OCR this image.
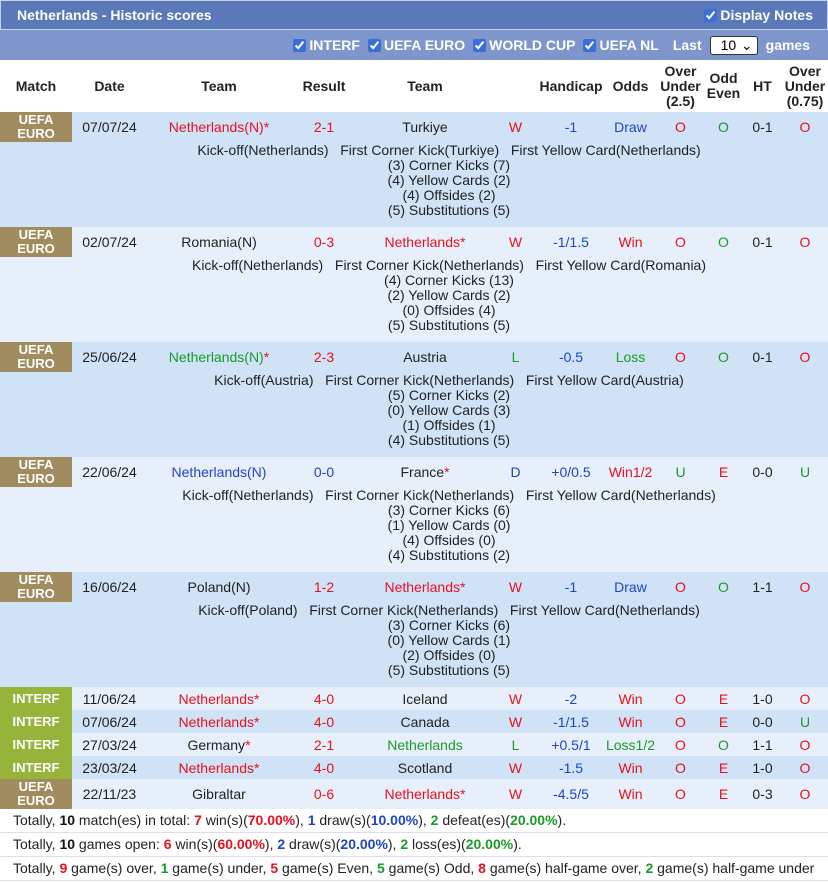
Netherlands - Historic scores	Display Notes
INTERF UEFA EURO WORLD CUP UEFA NL Last 10 ⌄ games
Match	Date	Team	Result	Team		Handicap	Odds	Over Under (2.5)	Odd Even	HT	Over Under (0.75)
UEFA EURO	07/07/24	Netherlands(N)*	2-1	Turkiye	W	-1	Draw	O	O	0-1	O

Kick-off(Netherlands)   First Corner Kick(Turkiye)   First Yellow Card(Netherlands)
(3) Corner Kicks (7)
(4) Yellow Cards (2)
(4) Offsides (2)
(5) Substitutions (5)											

UEFA EURO	02/07/24	Romania(N)	0-3	Netherlands*	W	-1/1.5	Win	O	O	0-1	O

Kick-off(Netherlands)   First Corner Kick(Netherlands)   First Yellow Card(Romania)
(4) Corner Kicks (13)
(2) Yellow Cards (2)
(0) Offsides (4)
(5) Substitutions (5)											

UEFA EURO	25/06/24	Netherlands(N)*	2-3	Austria	L	-0.5	Loss	O	O	0-1	O

Kick-off(Austria)   First Corner Kick(Netherlands)   First Yellow Card(Austria)
(5) Corner Kicks (2)
(0) Yellow Cards (3)
(1) Offsides (1)
(4) Substitutions (5)											

UEFA EURO	22/06/24	Netherlands(N)	0-0	France*	D	+0/0.5	Win1/2	U	E	0-0	U

Kick-off(Netherlands)   First Corner Kick(Netherlands)   First Yellow Card(Netherlands)
(3) Corner Kicks (6)
(1) Yellow Cards (0)
(4) Offsides (0)
(4) Substitutions (2)											

UEFA EURO	16/06/24	Poland(N)	1-2	Netherlands*	W	-1	Draw	O	O	1-1	O

Kick-off(Poland)   First Corner Kick(Netherlands)   First Yellow Card(Netherlands)
(3) Corner Kicks (6)
(0) Yellow Cards (1)
(2) Offsides (0)
(5) Substitutions (5)											

INTERF	11/06/24	Netherlands*	4-0	Iceland	W	-2	Win	O	E	1-0	O
INTERF	07/06/24	Netherlands*	4-0	Canada	W	-1/1.5	Win	O	E	0-0	U
INTERF	27/03/24	Germany*	2-1	Netherlands	L	+0.5/1	Loss1/2	O	O	1-1	O
INTERF	23/03/24	Netherlands*	4-0	Scotland	W	-1.5	Win	O	E	1-0	O
UEFA EURO	22/11/23	Gibraltar	0-6	Netherlands*	W	-4.5/5	Win	O	E	0-3	O
Totally, 10 match(es) in total: 7 win(s)(70.00%), 1 draw(s)(10.00%), 2 defeat(es)(20.00%).
Totally, 10 games open: 6 win(s)(60.00%), 2 draw(s)(20.00%), 2 loss(es)(20.00%).
Totally, 9 game(s) over, 1 game(s) under, 5 game(s) Even, 5 game(s) Odd, 8 game(s) half-game over, 2 game(s) half-game under
